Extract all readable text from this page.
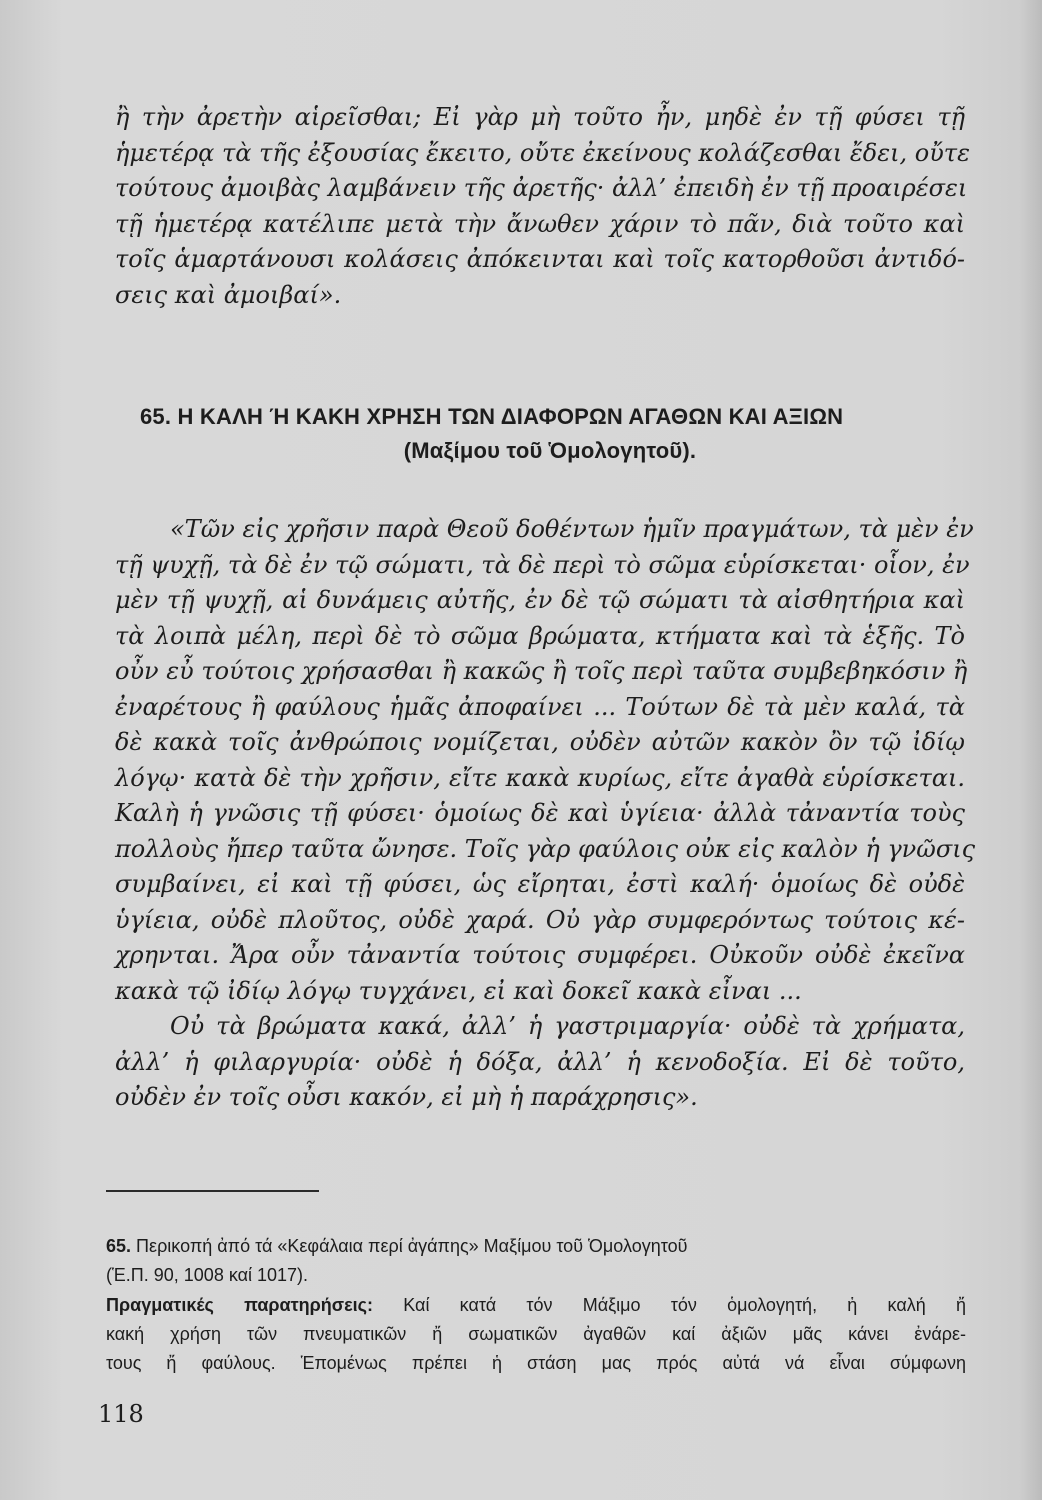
ἢ τὴν ἀρετὴν αἱρεῖσθαι; Εἰ γὰρ μὴ τοῦτο ἦν, μηδὲ ἐν τῇ φύσει τῇ
ἡμετέρᾳ τὰ τῆς ἐξουσίας ἔκειτο, οὔτε ἐκείνους κολάζεσθαι ἔδει, οὔτε
τούτους ἀμοιβὰς λαμβάνειν τῆς ἀρετῆς· ἀλλ’ ἐπειδὴ ἐν τῇ προαιρέσει
τῇ ἡμετέρᾳ κατέλιπε μετὰ τὴν ἄνωθεν χάριν τὸ πᾶν, διὰ τοῦτο καὶ
τοῖς ἁμαρτάνουσι κολάσεις ἀπόκεινται καὶ τοῖς κατορθοῦσι ἀντιδό-
σεις καὶ ἀμοιβαί».

65. Η ΚΑΛΗ Ή ΚΑΚΗ ΧΡΗΣΗ ΤΩΝ ΔΙΑΦΟΡΩΝ ΑΓΑΘΩΝ ΚΑΙ ΑΞΙΩΝ
(Μαξίμου τοῦ Ὁμολογητοῦ).

«Τῶν εἰς χρῆσιν παρὰ Θεοῦ δοθέντων ἡμῖν πραγμάτων, τὰ μὲν ἐν
τῇ ψυχῇ, τὰ δὲ ἐν τῷ σώματι, τὰ δὲ περὶ τὸ σῶμα εὑρίσκεται· οἷον, ἐν
μὲν τῇ ψυχῇ, αἱ δυνάμεις αὐτῆς, ἐν δὲ τῷ σώματι τὰ αἰσθητήρια καὶ
τὰ λοιπὰ μέλη, περὶ δὲ τὸ σῶμα βρώματα, κτήματα καὶ τὰ ἑξῆς. Τὸ
οὖν εὖ τούτοις χρήσασθαι ἢ κακῶς ἢ τοῖς περὶ ταῦτα συμβεβηκόσιν ἢ
ἐναρέτους ἢ φαύλους ἡμᾶς ἀποφαίνει ... Τούτων δὲ τὰ μὲν καλά, τὰ
δὲ κακὰ τοῖς ἀνθρώποις νομίζεται, οὐδὲν αὐτῶν κακὸν ὂν τῷ ἰδίῳ
λόγῳ· κατὰ δὲ τὴν χρῆσιν, εἴτε κακὰ κυρίως, εἴτε ἀγαθὰ εὑρίσκεται.
Καλὴ ἡ γνῶσις τῇ φύσει· ὁμοίως δὲ καὶ ὑγίεια· ἀλλὰ τἀναντία τοὺς
πολλοὺς ἤπερ ταῦτα ὤνησε. Τοῖς γὰρ φαύλοις οὐκ εἰς καλὸν ἡ γνῶσις
συμβαίνει, εἰ καὶ τῇ φύσει, ὡς εἴρηται, ἐστὶ καλή· ὁμοίως δὲ οὐδὲ
ὑγίεια, οὐδὲ πλοῦτος, οὐδὲ χαρά. Οὐ γὰρ συμφερόντως τούτοις κέ-
χρηνται. Ἄρα οὖν τἀναντία τούτοις συμφέρει. Οὐκοῦν οὐδὲ ἐκεῖνα
κακὰ τῷ ἰδίῳ λόγῳ τυγχάνει, εἰ καὶ δοκεῖ κακὰ εἶναι ...
Οὐ τὰ βρώματα κακά, ἀλλ’ ἡ γαστριμαργία· οὐδὲ τὰ χρήματα,
ἀλλ’ ἡ φιλαργυρία· οὐδὲ ἡ δόξα, ἀλλ’ ἡ κενοδοξία. Εἰ δὲ τοῦτο,
οὐδὲν ἐν τοῖς οὖσι κακόν, εἰ μὴ ἡ παράχρησις».

65. Περικοπή ἀπό τά «Κεφάλαια περί ἀγάπης» Μαξίμου τοῦ Ὁμολογητοῦ
(Ἑ.Π. 90, 1008 καί 1017).

Πραγματικές παρατηρήσεις: Καί κατά τόν Μάξιμο τόν ὁμολογητή, ἡ καλή ἤ
κακή χρήση τῶν πνευματικῶν ἤ σωματικῶν ἀγαθῶν καί ἀξιῶν μᾶς κάνει ἐνάρε-
τους ἤ φαύλους. Ἑπομένως πρέπει ἡ στάση μας πρός αὐτά νά εἶναι σύμφωνη

118
